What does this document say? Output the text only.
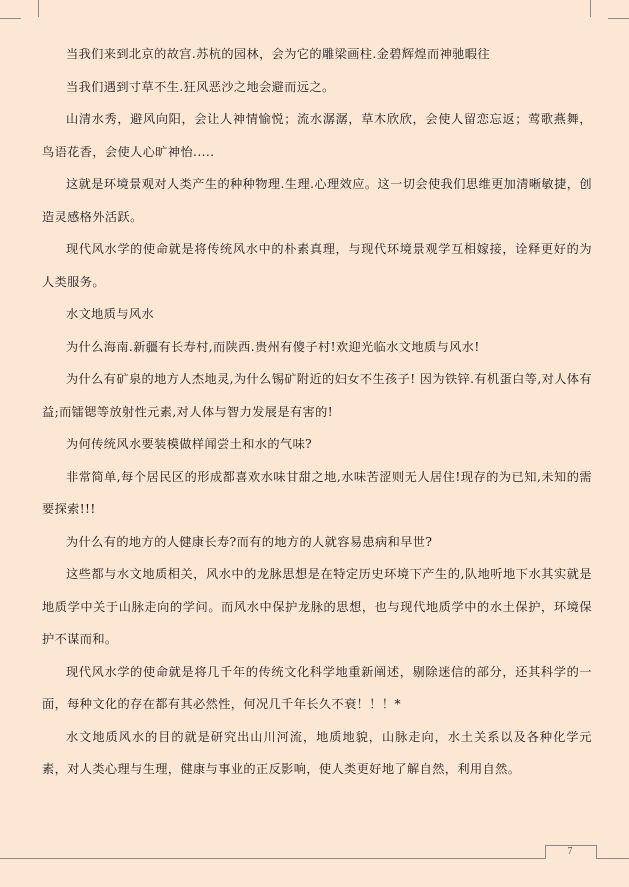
当我们来到北京的故宫.苏杭的园林，会为它的雕梁画柱.金碧辉煌而神驰暇往

当我们遇到寸草不生.狂风恶沙之地会避而远之。

山清水秀，避风向阳，会让人神情愉悦；流水潺潺，草木欣欣，会使人留恋忘返；莺歌燕舞，鸟语花香，会使人心旷神怡.....

这就是环境景观对人类产生的种种物理.生理.心理效应。这一切会使我们思维更加清晰敏捷，创造灵感格外活跃。

现代风水学的使命就是将传统风水中的朴素真理，与现代环境景观学互相嫁接，诠释更好的为人类服务。

水文地质与风水

为什么海南.新疆有长寿村,而陕西.贵州有傻子村!欢迎光临水文地质与风水!

为什么有矿泉的地方人杰地灵,为什么锡矿附近的妇女不生孩子! 因为铁锌.有机蛋白等,对人体有益;而镭锶等放射性元素,对人体与智力发展是有害的!

为何传统风水要装模做样闻尝土和水的气味?

非常简单,每个居民区的形成都喜欢水味甘甜之地,水味苦涩则无人居住!现存的为已知,未知的需要探索!!!

为什么有的地方的人健康长寿?而有的地方的人就容易患病和早世?

这些都与水文地质相关，风水中的龙脉思想是在特定历史环境下产生的,队地听地下水其实就是地质学中关于山脉走向的学问。而风水中保护龙脉的思想，也与现代地质学中的水土保护，环境保护不谋而和。

现代风水学的使命就是将几千年的传统文化科学地重新阐述，剔除迷信的部分，还其科学的一面，每种文化的存在都有其必然性，何况几千年长久不衰！！！*

水文地质风水的目的就是研究出山川河流，地质地貌，山脉走向，水土关系以及各种化学元素，对人类心理与生理，健康与事业的正反影响，使人类更好地了解自然，利用自然。

7
